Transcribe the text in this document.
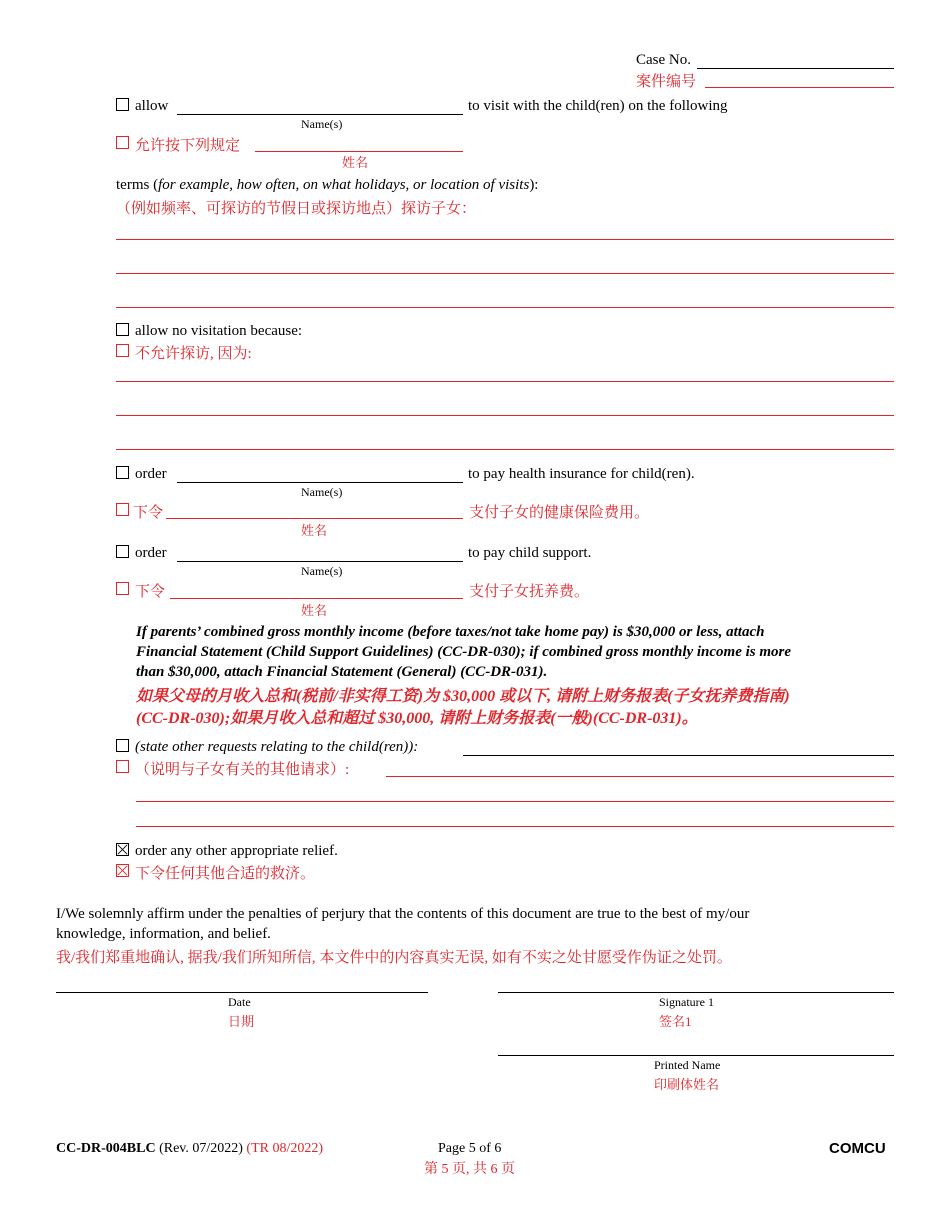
Case No.
案件编号
allow	to visit with the child(ren) on the following
Name(s)
允许按下列规定
姓名
terms (for example, how often, on what holidays, or location of visits):
（例如频率、可探访的节假日或探访地点）探访子女：
allow no visitation because:
不允许探访, 因为:
order	to pay health insurance for child(ren).
Name(s)
下令	支付子女的健康保险费用。
姓名
order	to pay child support.
Name(s)
下令	支付子女抚养费。
姓名
If parents’ combined gross monthly income (before taxes/not take home pay) is $30,000 or less, attach
Financial Statement (Child Support Guidelines) (CC-DR-030); if combined gross monthly income is more
than $30,000, attach Financial Statement (General) (CC-DR-031).
如果父母的月收入总和(税前/非实得工资)为 $30,000 或以下, 请附上财务报表(子女抚养费指南)
(CC-DR-030);如果月收入总和超过 $30,000, 请附上财务报表(一般)(CC-DR-031)。
(state other requests relating to the child(ren)):
（说明与子女有关的其他请求）:
order any other appropriate relief.
下令任何其他合适的救济。
I/We solemnly affirm under the penalties of perjury that the contents of this document are true to the best of my/our
knowledge, information, and belief.
我/我们郑重地确认, 据我/我们所知所信, 本文件中的内容真实无误, 如有不实之处甘愿受作伪证之处罚。
Date
日期
Signature 1
签名1
Printed Name
印刷体姓名
CC-DR-004BLC (Rev. 07/2022) (TR 08/2022)	Page 5 of 6
第 5 页, 共 6 页
COMCU
